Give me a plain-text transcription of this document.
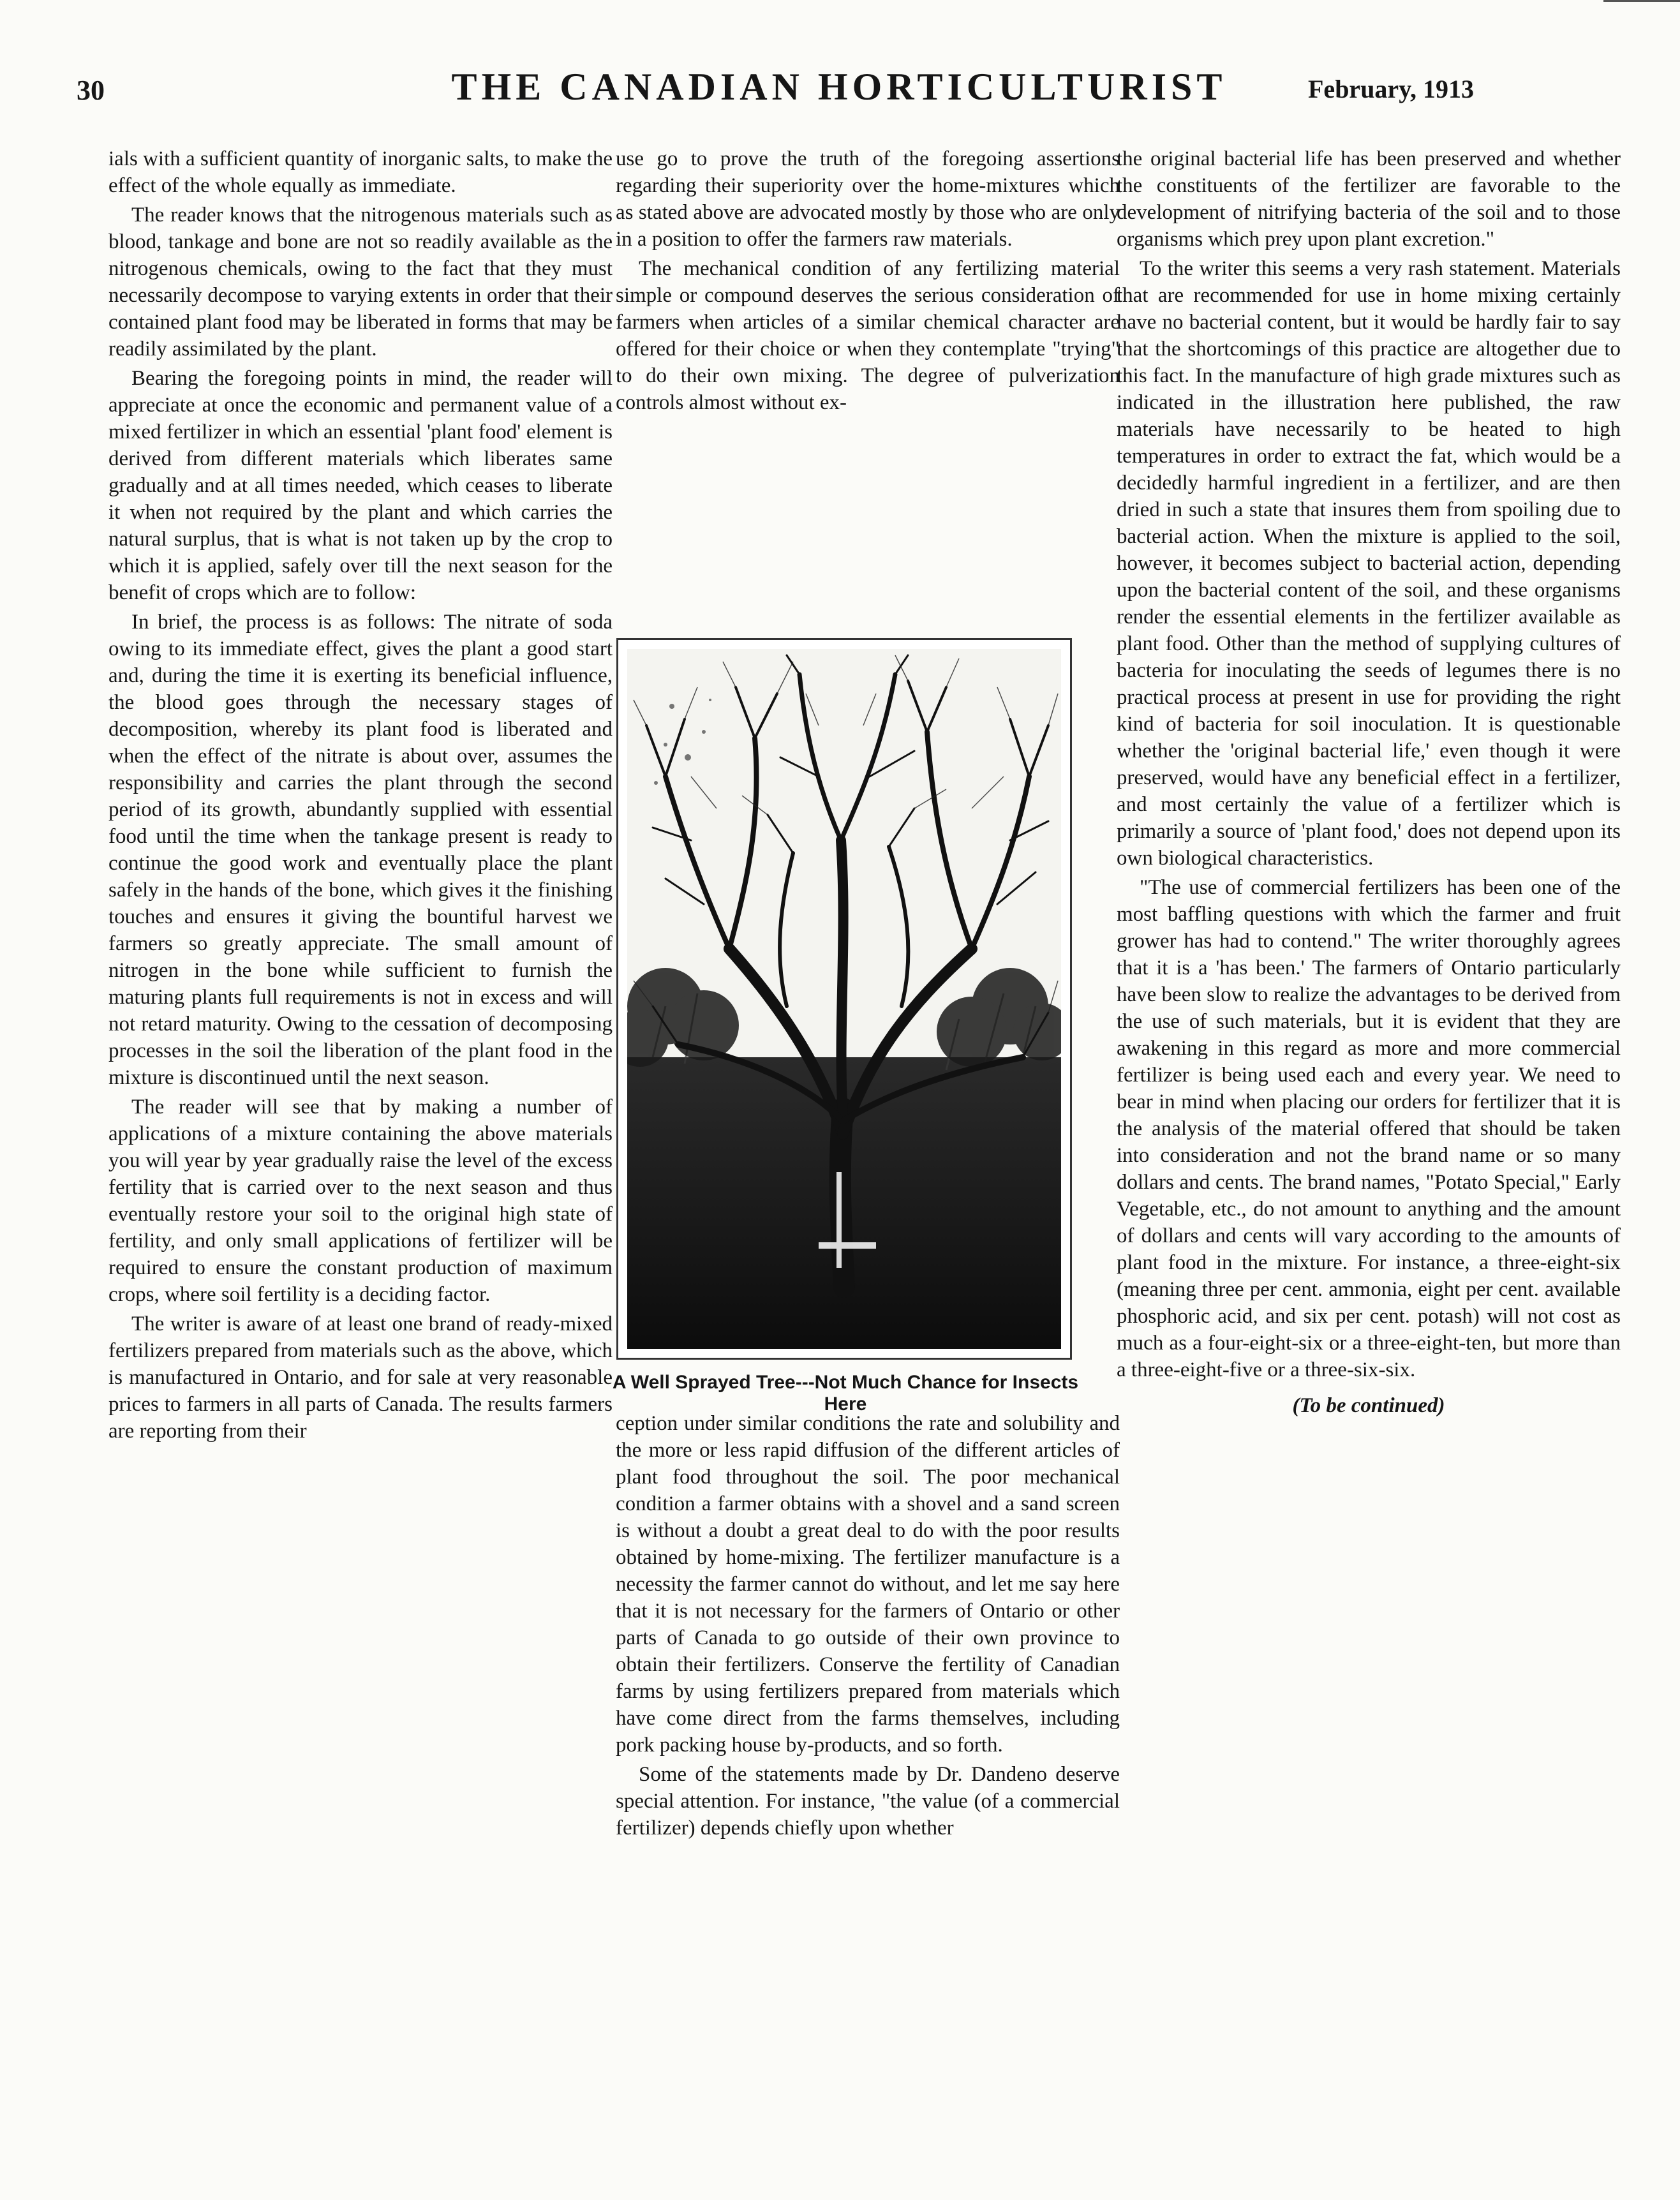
30	THE CANADIAN HORTICULTURIST	February, 1913

ials with a sufficient quantity of inorganic salts, to make the effect of the whole equally as immediate.

The reader knows that the nitrogenous materials such as blood, tankage and bone are not so readily available as the nitrogenous chemicals, owing to the fact that they must necessarily decompose to varying extents in order that their contained plant food may be liberated in forms that may be readily assimilated by the plant.

Bearing the foregoing points in mind, the reader will appreciate at once the economic and permanent value of a mixed fertilizer in which an essential 'plant food' element is derived from different materials which liberates same gradually and at all times needed, which ceases to liberate it when not required by the plant and which carries the natural surplus, that is what is not taken up by the crop to which it is applied, safely over till the next season for the benefit of crops which are to follow:

In brief, the process is as follows: The nitrate of soda owing to its immediate effect, gives the plant a good start and, during the time it is exerting its beneficial influence, the blood goes through the necessary stages of decomposition, whereby its plant food is liberated and when the effect of the nitrate is about over, assumes the responsibility and carries the plant through the second period of its growth, abundantly supplied with essential food until the time when the tankage present is ready to continue the good work and eventually place the plant safely in the hands of the bone, which gives it the finishing touches and ensures it giving the bountiful harvest we farmers so greatly appreciate. The small amount of nitrogen in the bone while sufficient to furnish the maturing plants full requirements is not in excess and will not retard maturity. Owing to the cessation of decomposing processes in the soil the liberation of the plant food in the mixture is discontinued until the next season.

The reader will see that by making a number of applications of a mixture containing the above materials you will year by year gradually raise the level of the excess fertility that is carried over to the next season and thus eventually restore your soil to the original high state of fertility, and only small applications of fertilizer will be required to ensure the constant production of maximum crops, where soil fertility is a deciding factor.

The writer is aware of at least one brand of ready-mixed fertilizers prepared from materials such as the above, which is manufactured in Ontario, and for sale at very reasonable prices to farmers in all parts of Canada. The results farmers are reporting from their

use go to prove the truth of the foregoing assertions regarding their superiority over the home-mixtures which as stated above are advocated mostly by those who are only in a position to offer the farmers raw materials.

The mechanical condition of any fertilizing material simple or compound deserves the serious consideration of farmers when articles of a similar chemical character are offered for their choice or when they contemplate "trying" to do their own mixing. The degree of pulverization controls almost without ex-

A Well Sprayed Tree---Not Much Chance for Insects Here

ception under similar conditions the rate and solubility and the more or less rapid diffusion of the different articles of plant food throughout the soil. The poor mechanical condition a farmer obtains with a shovel and a sand screen is without a doubt a great deal to do with the poor results obtained by home-mixing. The fertilizer manufacture is a necessity the farmer cannot do without, and let me say here that it is not necessary for the farmers of Ontario or other parts of Canada to go outside of their own province to obtain their fertilizers. Conserve the fertility of Canadian farms by using fertilizers prepared from materials which have come direct from the farms themselves, including pork packing house by-products, and so forth.

Some of the statements made by Dr. Dandeno deserve special attention. For instance, "the value (of a commercial fertilizer) depends chiefly upon whether

the original bacterial life has been preserved and whether the constituents of the fertilizer are favorable to the development of nitrifying bacteria of the soil and to those organisms which prey upon plant excretion."

To the writer this seems a very rash statement. Materials that are recommended for use in home mixing certainly have no bacterial content, but it would be hardly fair to say that the shortcomings of this practice are altogether due to this fact. In the manufacture of high grade mixtures such as indicated in the illustration here published, the raw materials have necessarily to be heated to high temperatures in order to extract the fat, which would be a decidedly harmful ingredient in a fertilizer, and are then dried in such a state that insures them from spoiling due to bacterial action. When the mixture is applied to the soil, however, it becomes subject to bacterial action, depending upon the bacterial content of the soil, and these organisms render the essential elements in the fertilizer available as plant food. Other than the method of supplying cultures of bacteria for inoculating the seeds of legumes there is no practical process at present in use for providing the right kind of bacteria for soil inoculation. It is questionable whether the 'original bacterial life,' even though it were preserved, would have any beneficial effect in a fertilizer, and most certainly the value of a fertilizer which is primarily a source of 'plant food,' does not depend upon its own biological characteristics.

"The use of commercial fertilizers has been one of the most baffling questions with which the farmer and fruit grower has had to contend." The writer thoroughly agrees that it is a 'has been.' The farmers of Ontario particularly have been slow to realize the advantages to be derived from the use of such materials, but it is evident that they are awakening in this regard as more and more commercial fertilizer is being used each and every year. We need to bear in mind when placing our orders for fertilizer that it is the analysis of the material offered that should be taken into consideration and not the brand name or so many dollars and cents. The brand names, "Potato Special," Early Vegetable, etc., do not amount to anything and the amount of dollars and cents will vary according to the amounts of plant food in the mixture. For instance, a three-eight-six (meaning three per cent. ammonia, eight per cent. available phosphoric acid, and six per cent. potash) will not cost as much as a four-eight-six or a three-eight-ten, but more than a three-eight-five or a three-six-six.

(To be continued)
